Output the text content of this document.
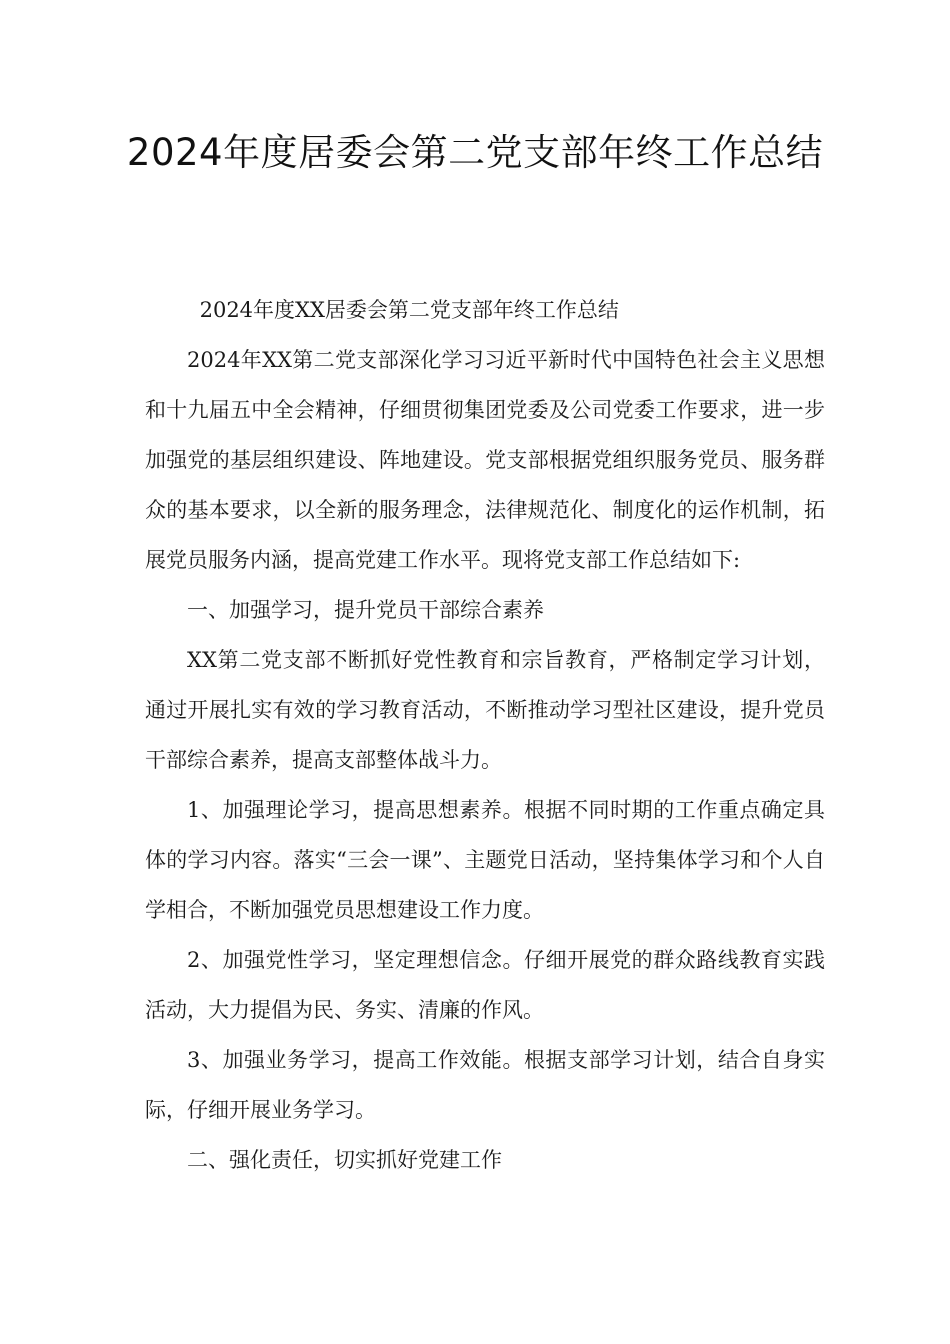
2024年度居委会第二党支部年终工作总结

2024年度XX居委会第二党支部年终工作总结

2024年XX第二党支部深化学习习近平新时代中国特色社会主义思想和十九届五中全会精神，仔细贯彻集团党委及公司党委工作要求，进一步加强党的基层组织建设、阵地建设。党支部根据党组织服务党员、服务群众的基本要求，以全新的服务理念，法律规范化、制度化的运作机制，拓展党员服务内涵，提高党建工作水平。现将党支部工作总结如下:

一、加强学习，提升党员干部综合素养

XX第二党支部不断抓好党性教育和宗旨教育，严格制定学习计划，通过开展扎实有效的学习教育活动，不断推动学习型社区建设，提升党员干部综合素养，提高支部整体战斗力。

1、加强理论学习，提高思想素养。根据不同时期的工作重点确定具体的学习内容。落实“三会一课”、主题党日活动，坚持集体学习和个人自学相合，不断加强党员思想建设工作力度。

2、加强党性学习，坚定理想信念。仔细开展党的群众路线教育实践活动，大力提倡为民、务实、清廉的作风。

3、加强业务学习，提高工作效能。根据支部学习计划，结合自身实际，仔细开展业务学习。

二、强化责任，切实抓好党建工作
